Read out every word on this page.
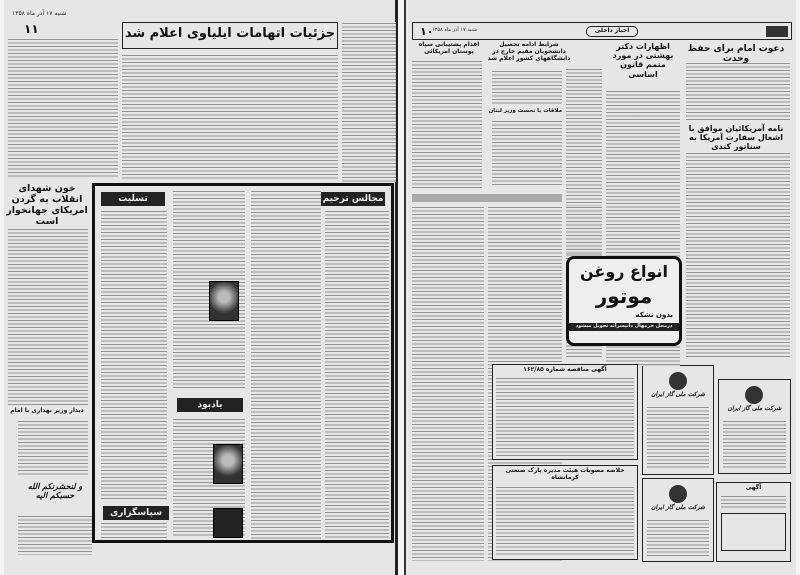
شنبه ۱۷ آذر ماه ۱۳۵۸
۱۱	جزئیات اتهامات ایلیاوی اعلام شد
خون شهدای انقلاب به گردن امریکای جهانخوار است
دیدار وزیر بهداری با امام
و لنحشرنکم الله حسبکم الیه
مجالس ترحیم
تسلیت
یادبود
سپاسگزاری
۱۰
شنبه ۱۷ آذر ماه ۱۳۵۸	اخبار داخلی
دعوت امام برای حفظ وحدت
اظهارات دکتر بهشتی در مورد متمم قانون اساسی
شرایط ادامه تحصیل دانشجویان مقیم خارج در دانشگاههای کشور اعلام شد
اقدام پشتیبانی سپاه پوستان امریکائی
ملاقات با نخست وزیر لبنان
نامه آمریکائیان موافق با اشغال سفارت آمریکا به سناتور کندی
انواع روغن
موتور
بدون نشکه
درمحل خرمهال دانپسرانه تحویل میشود
آگهی مناقصه شماره ۱۶۲/۸۵
خلاصه مصوبات هیئت مدیره پارک صنعتی کرمانشاه
شرکت ملی گاز ایران
شرکت ملی گاز ایران
شرکت ملی گاز ایران
آگهی
